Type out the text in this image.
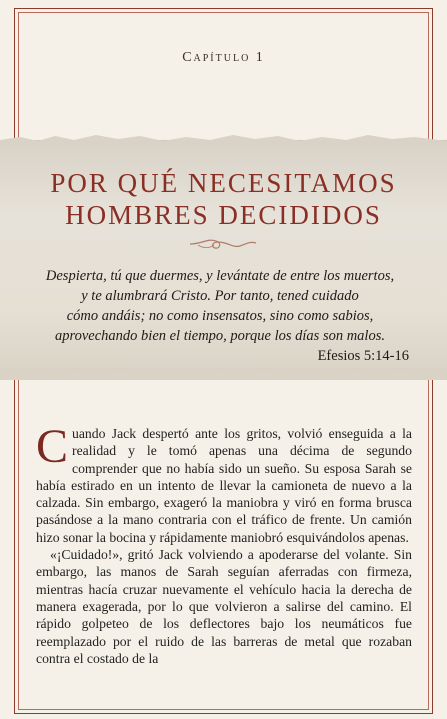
Capítulo 1
POR QUÉ NECESITAMOS
HOMBRES DECIDIDOS
Despierta, tú que duermes, y levántate de entre los muertos,
y te alumbrará Cristo. Por tanto, tened cuidado
cómo andáis; no como insensatos, sino como sabios,
aprovechando bien el tiempo, porque los días son malos.
Efesios 5:14-16

Cuando Jack despertó ante los gritos, volvió enseguida a la realidad y le tomó apenas una décima de segundo comprender que no había sido un sueño. Su esposa Sarah se había estirado en un intento de llevar la camioneta de nuevo a la calzada. Sin embargo, exageró la maniobra y viró en forma brusca pasándose a la mano contraria con el tráfico de frente. Un camión hizo sonar la bocina y rápidamente maniobró esquivándolos apenas.

«¡Cuidado!», gritó Jack volviendo a apoderarse del volante. Sin embargo, las manos de Sarah seguían aferradas con firmeza, mientras hacía cruzar nuevamente el vehículo hacia la derecha de manera exagerada, por lo que volvieron a salirse del camino. El rápido golpeteo de los deflectores bajo los neumáticos fue reemplazado por el ruido de las barreras de metal que rozaban contra el costado de la
